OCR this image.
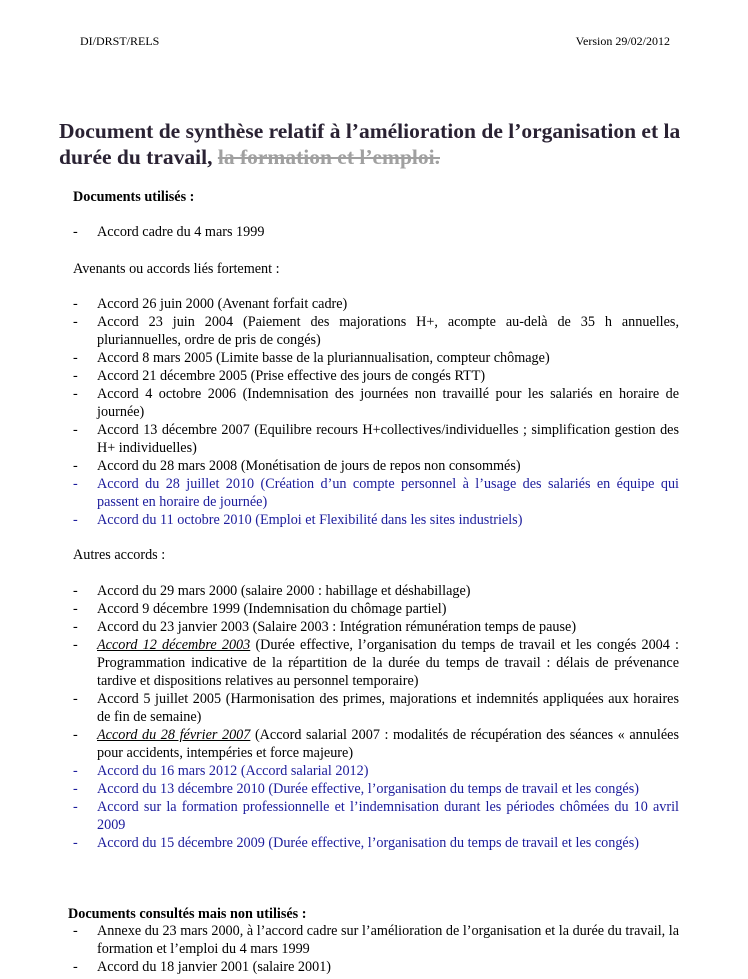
DI/DRST/RELS	Version 29/02/2012
Document de synthèse relatif à l’amélioration de l’organisation et la durée du travail, la formation et l’emploi.
Documents utilisés :
- Accord cadre du 4 mars 1999
Avenants ou accords liés fortement :
- Accord 26 juin 2000 (Avenant forfait cadre)
- Accord 23 juin 2004 (Paiement des majorations H+, acompte au-delà de 35 h annuelles, pluriannuelles, ordre de pris de congés)
- Accord 8 mars 2005 (Limite basse de la pluriannualisation, compteur chômage)
- Accord 21 décembre 2005 (Prise effective des jours de congés RTT)
- Accord 4 octobre 2006 (Indemnisation des journées non travaillé pour les salariés en horaire de journée)
- Accord 13 décembre 2007 (Equilibre recours H+collectives/individuelles ; simplification gestion des H+ individuelles)
- Accord du 28 mars 2008 (Monétisation de jours de repos non consommés)
- Accord du 28 juillet 2010 (Création d’un compte personnel à l’usage des salariés en équipe qui passent en horaire de journée)
- Accord du 11 octobre 2010 (Emploi et Flexibilité dans les sites industriels)
Autres accords :
- Accord du 29 mars 2000 (salaire 2000 : habillage et déshabillage)
- Accord 9 décembre 1999 (Indemnisation du chômage partiel)
- Accord du 23 janvier 2003 (Salaire 2003 : Intégration rémunération temps de pause)
- Accord 12 décembre 2003 (Durée effective, l’organisation du temps de travail et les congés 2004 : Programmation indicative de la répartition de la durée du temps de travail : délais de prévenance tardive et dispositions relatives au personnel temporaire)
- Accord 5 juillet 2005 (Harmonisation des primes, majorations et indemnités appliquées aux horaires de fin de semaine)
- Accord du 28 février 2007 (Accord salarial 2007 : modalités de récupération des séances « annulées pour accidents, intempéries et force majeure)
- Accord du 16 mars 2012 (Accord salarial 2012)
- Accord du 13 décembre 2010 (Durée effective, l’organisation du temps de travail et les congés)
- Accord sur la formation professionnelle et l’indemnisation durant les périodes chômées du 10 avril 2009
- Accord du 15 décembre 2009 (Durée effective, l’organisation du temps de travail et les congés)
Documents consultés mais non utilisés :
- Annexe du 23 mars 2000, à l’accord cadre sur l’amélioration de l’organisation et la durée du travail, la formation et l’emploi du 4 mars 1999
- Accord du 18 janvier 2001 (salaire 2001)
